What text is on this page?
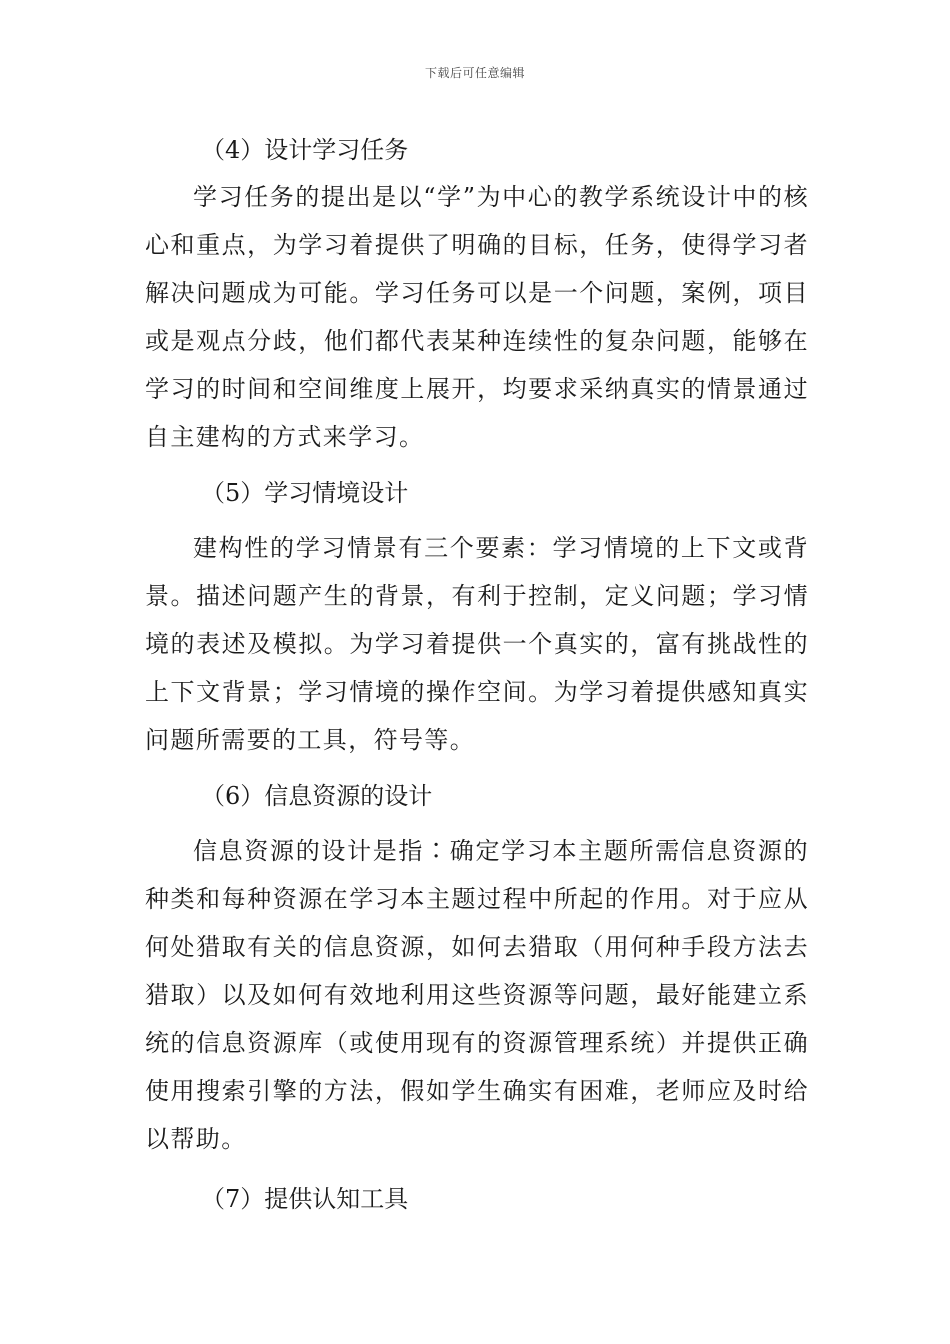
下载后可任意编辑

（4）设计学习任务

学习任务的提出是以“学”为中心的教学系统设计中的核心和重点，为学习着提供了明确的目标，任务，使得学习者解决问题成为可能。学习任务可以是一个问题，案例，项目或是观点分歧，他们都代表某种连续性的复杂问题，能够在学习的时间和空间维度上展开，均要求采纳真实的情景通过自主建构的方式来学习。

（5）学习情境设计

建构性的学习情景有三个要素：学习情境的上下文或背景。描述问题产生的背景，有利于控制，定义问题；学习情境的表述及模拟。为学习着提供一个真实的，富有挑战性的上下文背景；学习情境的操作空间。为学习着提供感知真实问题所需要的工具，符号等。

（6）信息资源的设计

信息资源的设计是指∶确定学习本主题所需信息资源的种类和每种资源在学习本主题过程中所起的作用。对于应从何处猎取有关的信息资源，如何去猎取（用何种手段方法去猎取）以及如何有效地利用这些资源等问题，最好能建立系统的信息资源库（或使用现有的资源管理系统）并提供正确使用搜索引擎的方法，假如学生确实有困难，老师应及时给以帮助。

（7）提供认知工具
